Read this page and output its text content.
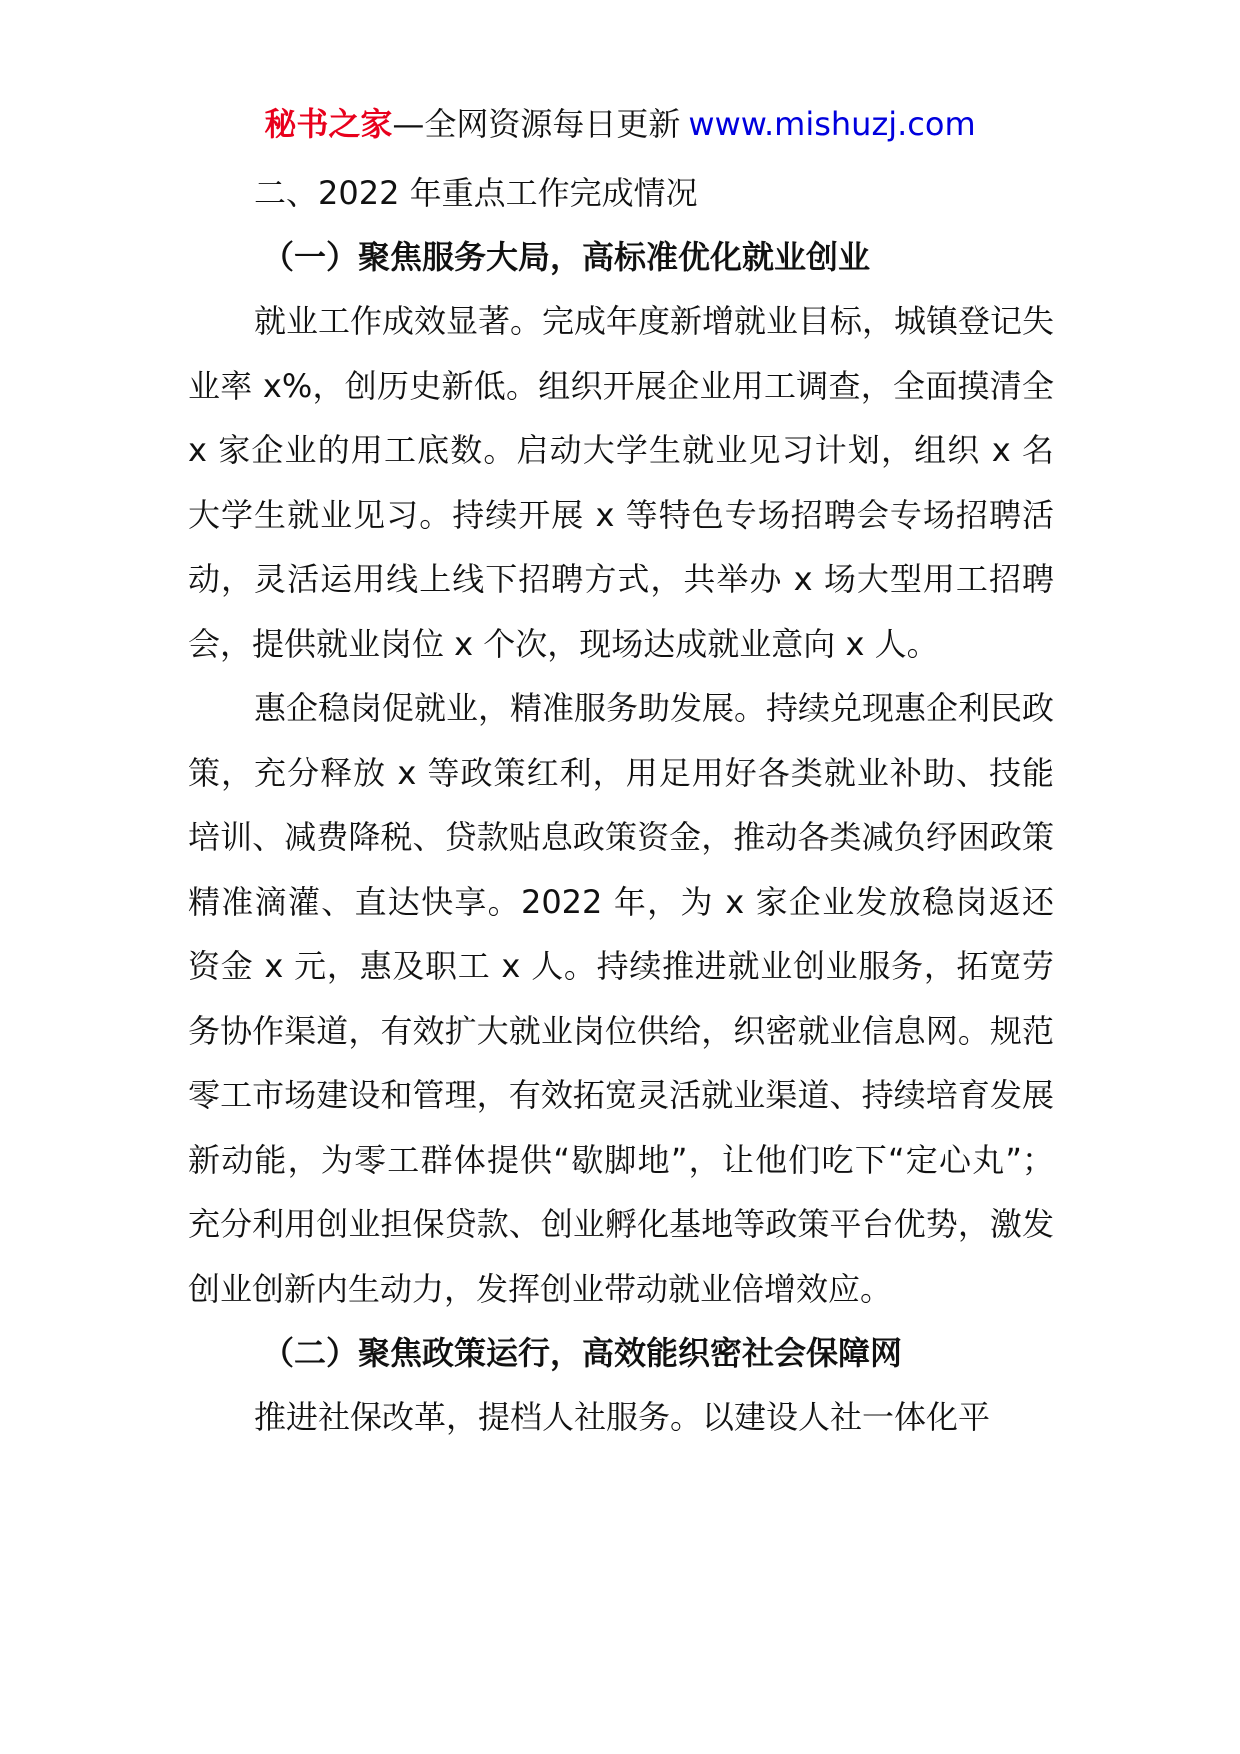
秘书之家—全网资源每日更新 www.mishuzj.com
二、2022 年重点工作完成情况
（一）聚焦服务大局，高标准优化就业创业

就业工作成效显著。完成年度新增就业目标，城镇登记失业率 x%，创历史新低。组织开展企业用工调查，全面摸清全 x 家企业的用工底数。启动大学生就业见习计划，组织 x 名大学生就业见习。持续开展 x 等特色专场招聘会专场招聘活动，灵活运用线上线下招聘方式，共举办 x 场大型用工招聘会，提供就业岗位 x 个次，现场达成就业意向 x 人。

惠企稳岗促就业，精准服务助发展。持续兑现惠企利民政策，充分释放 x 等政策红利，用足用好各类就业补助、技能培训、减费降税、贷款贴息政策资金，推动各类减负纾困政策精准滴灌、直达快享。2022 年，为 x 家企业发放稳岗返还资金 x 元，惠及职工 x 人。持续推进就业创业服务，拓宽劳务协作渠道，有效扩大就业岗位供给，织密就业信息网。规范零工市场建设和管理，有效拓宽灵活就业渠道、持续培育发展新动能，为零工群体提供“歇脚地”，让他们吃下“定心丸”；充分利用创业担保贷款、创业孵化基地等政策平台优势，激发创业创新内生动力，发挥创业带动就业倍增效应。

（二）聚焦政策运行，高效能织密社会保障网

推进社保改革，提档人社服务。以建设人社一体化平
